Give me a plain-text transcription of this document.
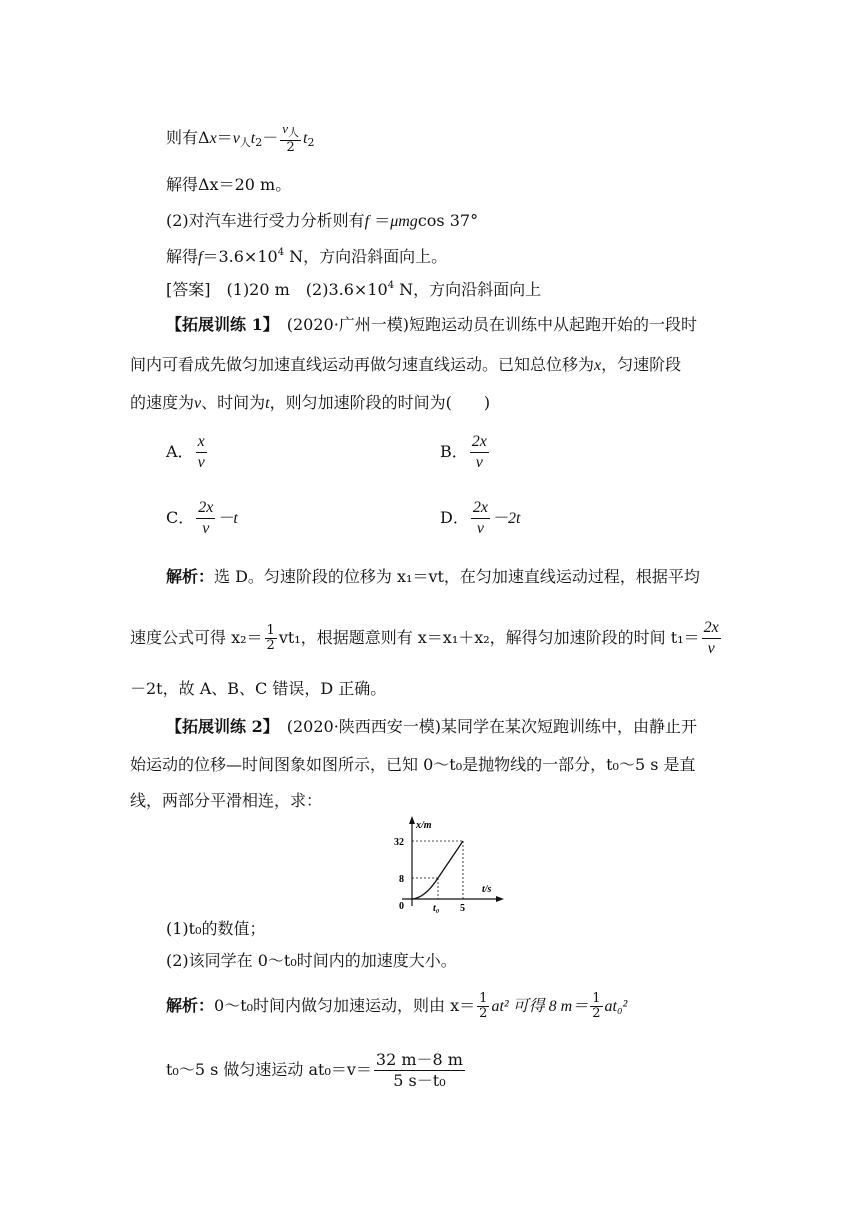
则有$\Delta x=v_人t_2- \frac{v_人}{2} t_2$
解得Δx＝20 m。
(2)对汽车进行受力分析则有f ＝μmgcos 37°
解得$f=3.6\times 10^4$ N，方向沿斜面向上。
[答案]　 (1)20 m　$(2)3.6\times 10^4$ N，方向沿斜面向上
【拓展训练 1】　 (2020·广州一模)短跑运动员在训练中从起跑开始的一段时
间内可看成先做匀加速直线运动再做匀速直线运动。已知总位移为x，匀速阶段
的速度为v、时间为t，则匀加速阶段的时间为(　　)
A． $\frac{x}{v}$	B． $\frac{2x}{v}$
C． $\frac{2x}{v} -t$	D． $\frac{2x}{v} -2t$
解析：选 D。匀速阶段的位移为 x₁＝vt，在匀加速直线运动过程，根据平均
速度公式可得 $x_2= \frac{1}{2} vt_1$，根据题意则有 x＝x₁＋x₂，解得匀加速阶段的时间 $t_1= \frac{2x}{v}$
－2t，故 A、B、C 错误，D 正确。
【拓展训练 2】　 (2020·陕西西安一模)某同学在某次短跑训练中，由静止开
始运动的位移—时间图象如图所示，已知 0～t₀是抛物线的一部分，t₀～5 s 是直
线，两部分平滑相连，求：
x/m
t/s
32
8
0	t₀ 5
(1)t₀的数值；
(2)该同学在 0～t₀时间内的加速度大小。
解析：0～t₀时间内做匀加速运动，则由 $x= \frac{1}{2} at^2$ 可得 8 $m= \frac{1}{2} at_0^2$
t₀～5 s 做匀速运动 $at_0=v= \frac{32 m-8 m}{\text{5 s－t₀}}$
